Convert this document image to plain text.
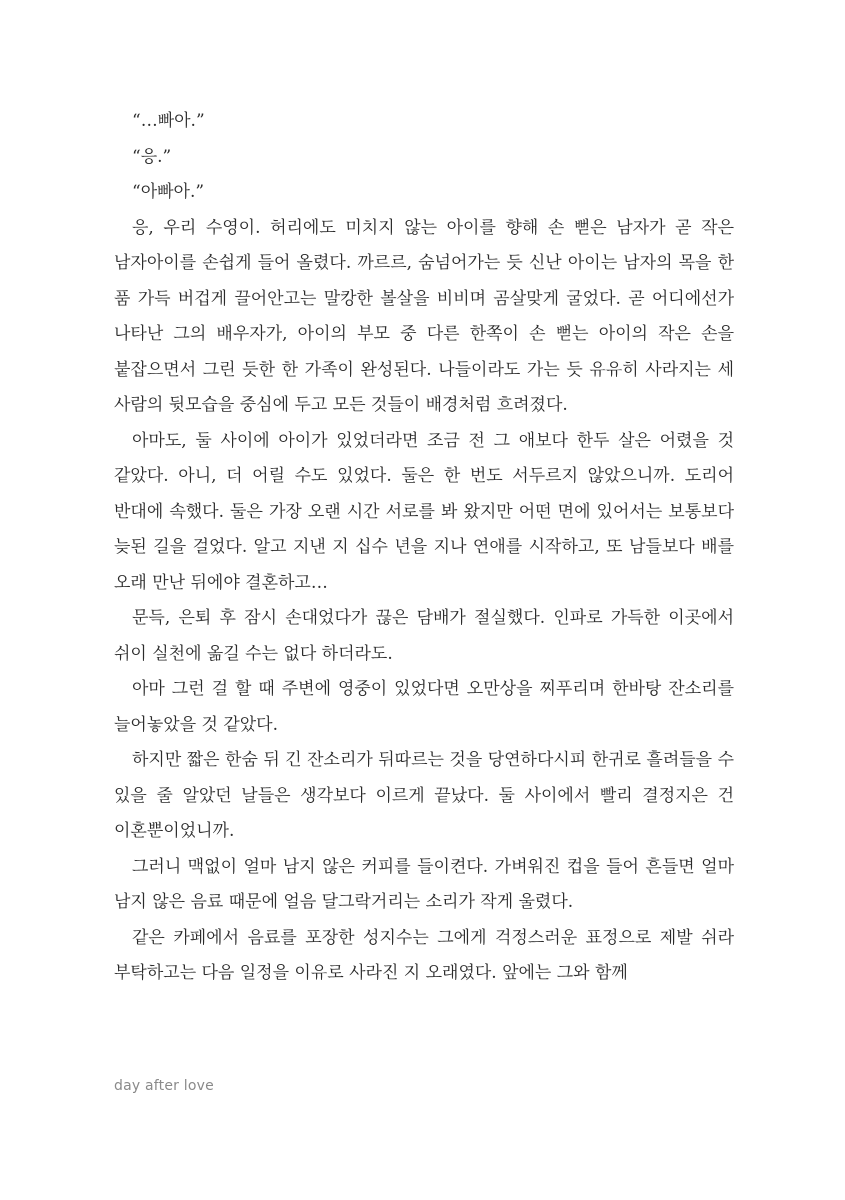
“…빠아.”

“응.”

“아빠아.”

응, 우리 수영이. 허리에도 미치지 않는 아이를 향해 손 뻗은 남자가 곧 작은 남자아이를 손쉽게 들어 올렸다. 까르르, 숨넘어가는 듯 신난 아이는 남자의 목을 한 품 가득 버겁게 끌어안고는 말캉한 볼살을 비비며 곰살맞게 굴었다. 곧 어디에선가 나타난 그의 배우자가, 아이의 부모 중 다른 한쪽이 손 뻗는 아이의 작은 손을 붙잡으면서 그린 듯한 한 가족이 완성된다. 나들이라도 가는 듯 유유히 사라지는 세 사람의 뒷모습을 중심에 두고 모든 것들이 배경처럼 흐려졌다.

아마도, 둘 사이에 아이가 있었더라면 조금 전 그 애보다 한두 살은 어렸을 것 같았다. 아니, 더 어릴 수도 있었다. 둘은 한 번도 서두르지 않았으니까. 도리어 반대에 속했다. 둘은 가장 오랜 시간 서로를 봐 왔지만 어떤 면에 있어서는 보통보다 늦된 길을 걸었다. 알고 지낸 지 십수 년을 지나 연애를 시작하고, 또 남들보다 배를 오래 만난 뒤에야 결혼하고…

문득, 은퇴 후 잠시 손대었다가 끊은 담배가 절실했다. 인파로 가득한 이곳에서 쉬이 실천에 옮길 수는 없다 하더라도.

아마 그런 걸 할 때 주변에 영중이 있었다면 오만상을 찌푸리며 한바탕 잔소리를 늘어놓았을 것 같았다.

하지만 짧은 한숨 뒤 긴 잔소리가 뒤따르는 것을 당연하다시피 한귀로 흘려들을 수 있을 줄 알았던 날들은 생각보다 이르게 끝났다. 둘 사이에서 빨리 결정지은 건 이혼뿐이었니까.

그러니 맥없이 얼마 남지 않은 커피를 들이켠다. 가벼워진 컵을 들어 흔들면 얼마 남지 않은 음료 때문에 얼음 달그락거리는 소리가 작게 울렸다.

같은 카페에서 음료를 포장한 성지수는 그에게 걱정스러운 표정으로 제발 쉬라 부탁하고는 다음 일정을 이유로 사라진 지 오래였다. 앞에는 그와 함께

day after love
